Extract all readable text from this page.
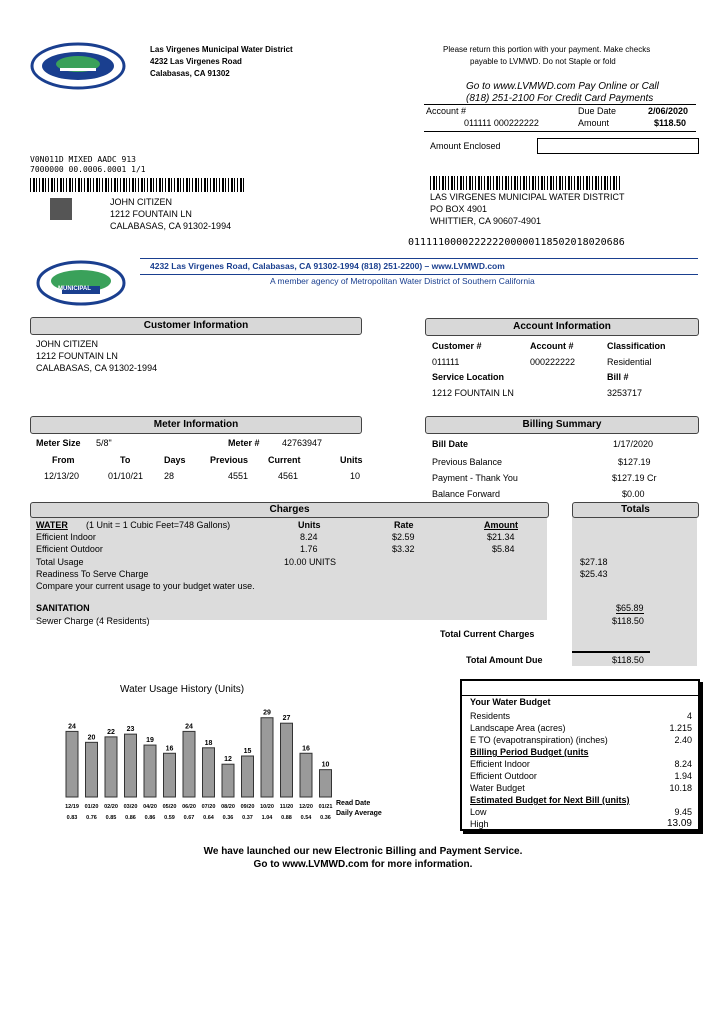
Las Virgenes Municipal Water District
4232 Las Virgenes Road
Calabasas, CA 91302
Please return this portion with your payment. Make checks
payable to LVMWD. Do not Staple or fold
Go to www.LVMWD.com Pay Online or Call
(818) 251-2100 For Credit Card Payments
Account #
011111 000222222
Due Date	2/06/2020
Amount	$118.50
Amount Enclosed
V0N011D MIXED AADC 913
7000000 00.0006.0001 1/1
JOHN CITIZEN
1212 FOUNTAIN LN
CALABASAS, CA 91302-1994
LAS VIRGENES MUNICIPAL WATER DISTRICT
PO BOX 4901
WHITTIER, CA 90607-4901
011111000022222200000118502018020686
MUNICIPAL
4232 Las Virgenes Road, Calabasas, CA 91302-1994 (818) 251-2200) – www.LVMWD.com
A member agency of Metropolitan Water District of Southern California
Customer Information
JOHN CITIZEN
1212 FOUNTAIN LN
CALABASAS, CA 91302-1994
Account Information
Customer #
011111
Account #
000222222
Classification
Residential
Service Location
1212 FOUNTAIN LN
Bill #
3253717
Meter Information
Meter Size 5/8"	Meter # 42763947
From	To	Days	Previous Current	Units
12/13/20	01/10/21 28	4551	4561	10
Billing Summary
Bill Date	1/17/2020
Previous Balance	$127.19
Payment - Thank You	$127.19 Cr
Balance Forward	$0.00
Charges	Totals
WATER (1 Unit = 1 Cubic Feet=748 Gallons)	Units	Rate	Amount
Efficient Indoor	8.24	$2.59	$21.34
Efficient Outdoor	1.76	$3.32	$5.84
Total Usage	10.00 UNITS	$27.18
Readiness To Serve Charge	$25.43
Compare your current usage to your budget water use.
SANITATION	$65.89
Sewer Charge (4 Residents)	$118.50
Total Current Charges
Total Amount Due	$118.50
Water Usage History (Units)
24
20
22 23
19
16
24
18
12
15
29
27
16
10
12/19 01/20 02/20 03/20 04/20 05/20 06/20 07/20 08/20 09/20 10/20 11/20 12/20 01/21
0.83 0.76 0.85 0.86 0.86 0.59 0.67 0.64 0.36 0.37 1.04 0.88 0.54 0.36
Read Date
Daily Average
Your Water Budget
Residents	4
Landscape Area (acres)	1.215
E TO (evapotranspiration) (inches)	2.40
Billing Period Budget (units
Efficient Indoor	8.24
Efficient Outdoor	1.94
Water Budget	10.18
Estimated Budget for Next Bill (units)
Low	9.45
High	13.09
We have launched our new Electronic Billing and Payment Service.
Go to www.LVMWD.com for more information.
